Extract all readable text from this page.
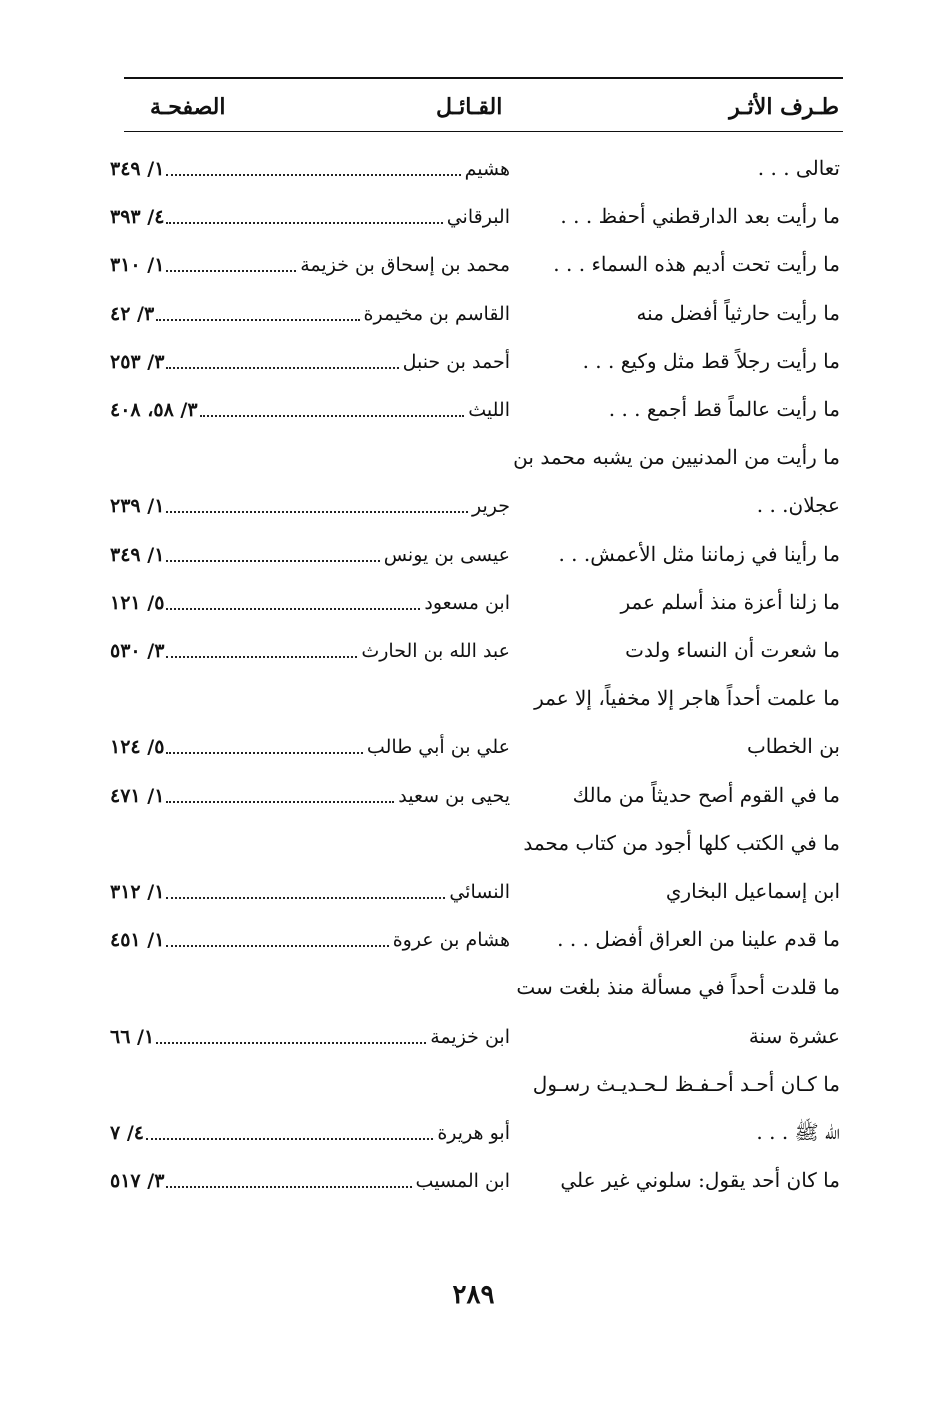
طـرف الأثـر
القـائـل
الصفحـة
تعالى . . .
هشيم
١/ ٣٤٩
ما رأيت بعد الدارقطني أحفظ . . .
البرقاني
٤/ ٣٩٣
ما رأيت تحت أديم هذه السماء . . .
محمد بن إسحاق بن خزيمة
١/ ٣١٠
ما رأيت حارثياً أفضل منه
القاسم بن مخيمرة
٣/ ٤٢
ما رأيت رجلاً قط مثل وكيع . . .
أحمد بن حنبل
٣/ ٢٥٣
ما رأيت عالماً قط أجمع . . .
الليث
٣/ ٥٨، ٤٠٨
ما رأيت من المدنيين من يشبه محمد بن
عجلان. . .
جرير
١/ ٢٣٩
ما رأينا في زماننا مثل الأعمش. . .
عيسى بن يونس
١/ ٣٤٩
ما زلنا أعزة منذ أسلم عمر
ابن مسعود
٥/ ١٢١
ما شعرت أن النساء ولدت
عبد الله بن الحارث
٣/ ٥٣٠
ما علمت أحداً هاجر إلا مخفياً، إلا عمر
بن الخطاب
علي بن أبي طالب
٥/ ١٢٤
ما في القوم أصح حديثاً من مالك
يحيى بن سعيد
١/ ٤٧١
ما في الكتب كلها أجود من كتاب محمد
ابن إسماعيل البخاري
النسائي
١/ ٣١٢
ما قدم علينا من العراق أفضل . . .
هشام بن عروة
١/ ٤٥١
ما قلدت أحداً في مسألة منذ بلغت ست
عشرة سنة
ابن خزيمة
١/ ٦٦
ما كـان أحـد أحـفـظ لـحـديـث رسـول
الله ﷺ . . .
أبو هريرة
٤/ ٧
ما كان أحد يقول: سلوني غير علي
ابن المسيب
٣/ ٥١٧
٢٨٩
